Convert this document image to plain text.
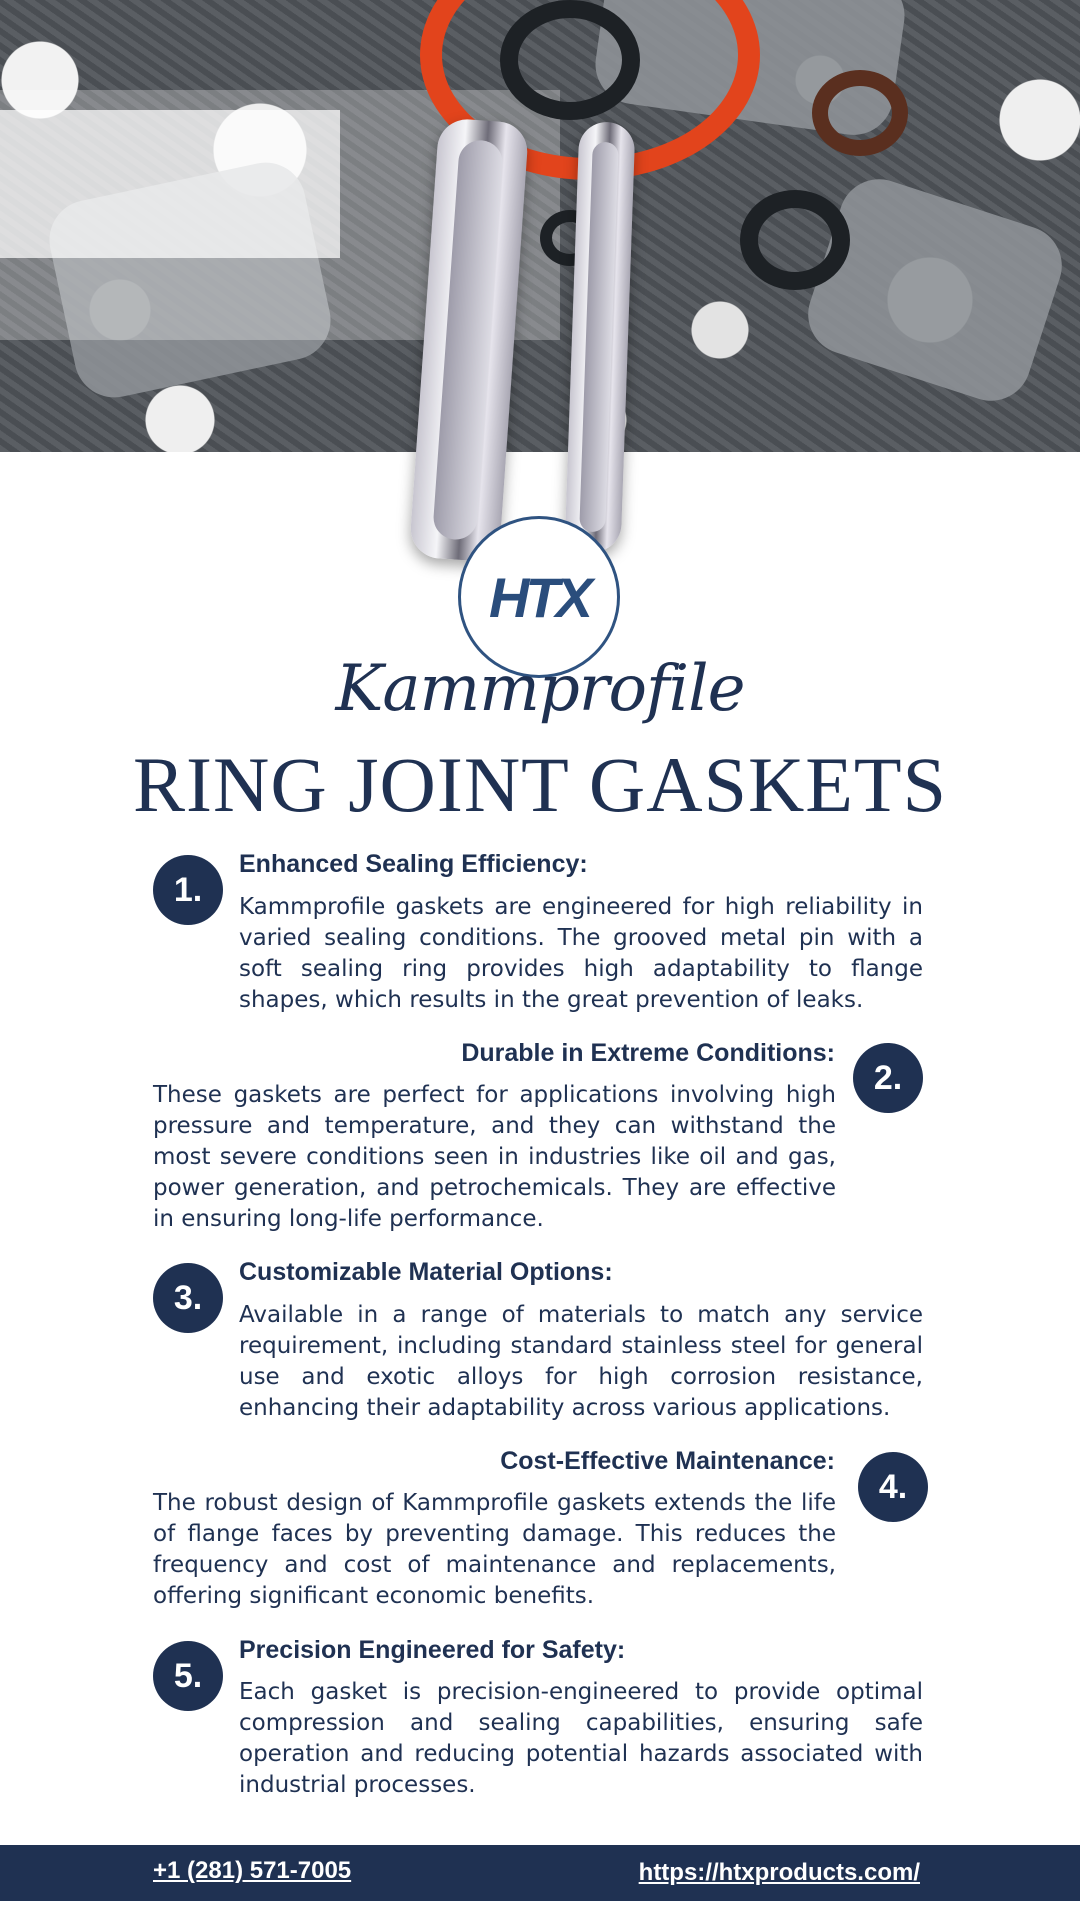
HTX
Kammprofile
RING JOINT GASKETS
1.
Enhanced Sealing Efficiency:
Kammprofile gaskets are engineered for high reliability in varied sealing conditions. The grooved metal pin with a soft sealing ring provides high adaptability to flange shapes, which results in the great prevention of leaks.
2.
Durable in Extreme Conditions:
These gaskets are perfect for applications involving high pressure and temperature, and they can withstand the most severe conditions seen in industries like oil and gas, power generation, and petrochemicals. They are effective in ensuring long-life performance.
3.
Customizable Material Options:
Available in a range of materials to match any service requirement, including standard stainless steel for general use and exotic alloys for high corrosion resistance, enhancing their adaptability across various applications.
4.
Cost-Effective Maintenance:
The robust design of Kammprofile gaskets extends the life of flange faces by preventing damage. This reduces the frequency and cost of maintenance and replacements, offering significant economic benefits.
5.
Precision Engineered for Safety:
Each gasket is precision-engineered to provide optimal compression and sealing capabilities, ensuring safe operation and reducing potential hazards associated with industrial processes.
+1 (281) 571-7005	https://htxproducts.com/
